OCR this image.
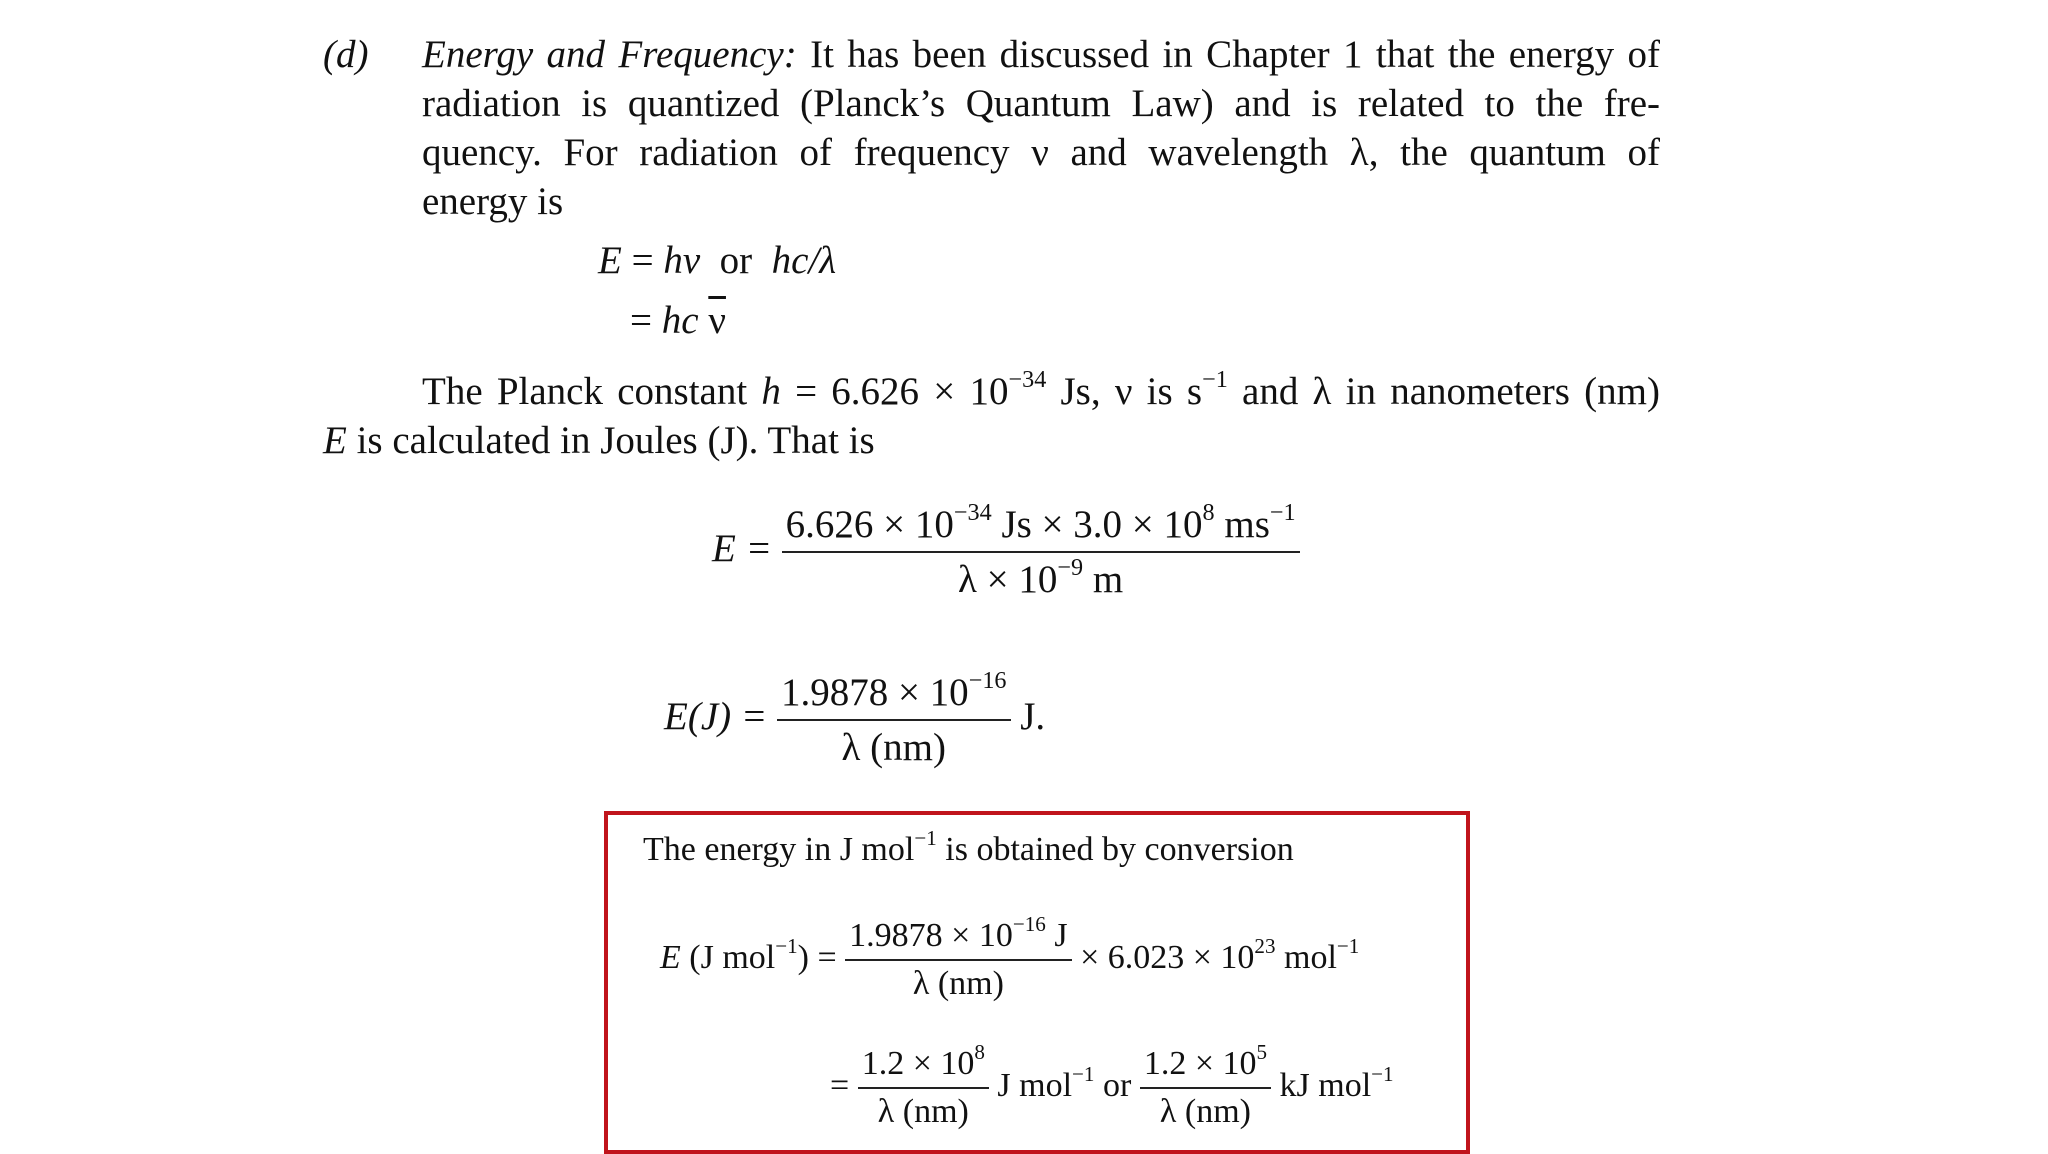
(d) Energy and Frequency: It has been discussed in Chapter 1 that the energy of
radiation is quantized (Planck’s Quantum Law) and is related to the fre-
quency. For radiation of frequency ν and wavelength λ, the quantum of
energy is
E = hν or hc/λ
= hc $\overline{\nu}$
The Planck constant $h = 6.626 \times 10^{-34}$ Js, ν is $s^{-1}$ and λ in nanometers (nm)
E is calculated in Joules (J). That is
$E = \frac{6.626 \times 10^{-34} Js \times 3.0 \times 10^8 ms^{-1}}{\lambda \times 10^{-9} m}$
$E(J) = \frac{1.9878 \times 10^{-16}}{\lambda (nm)} J$.
The energy in J mol$^{-1}$ is obtained by conversion
E (J $mol^{-1}) = \frac{1.9878 \times 10^{-16} J}{\lambda (nm)} \times 6.023 \times 10^{23}$ mol$^{-1}$
= $\frac{1.2 \times 10^8}{\lambda (nm)}$ J mol$^{-1}$ or $\frac{1.2 \times 10^5}{\lambda (nm)}$ kJ mol$^{-1}$
